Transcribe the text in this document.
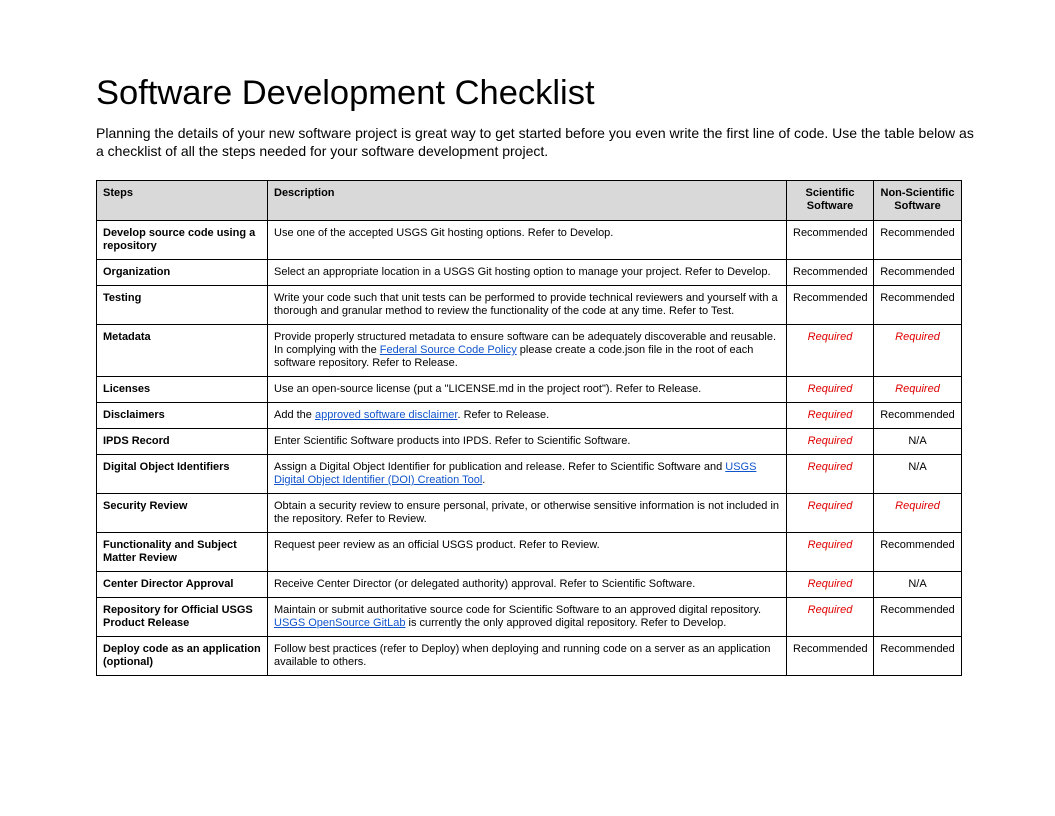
Software Development Checklist

Planning the details of your new software project is great way to get started before you even write the first line of code. Use the table below as a checklist of all the steps needed for your software development project.

Steps	Description	Scientific Software	Non-Scientific Software
Develop source code using a repository	Use one of the accepted USGS Git hosting options. Refer to Develop.	Recommended	Recommended
Organization	Select an appropriate location in a USGS Git hosting option to manage your project. Refer to Develop.	Recommended	Recommended
Testing	Write your code such that unit tests can be performed to provide technical reviewers and yourself with a thorough and granular method to review the functionality of the code at any time. Refer to Test.	Recommended	Recommended
Metadata	Provide properly structured metadata to ensure software can be adequately discoverable and reusable. In complying with the Federal Source Code Policy please create a code.json file in the root of each software repository. Refer to Release.	Required	Required
Licenses	Use an open-source license (put a "LICENSE.md in the project root"). Refer to Release.	Required	Required
Disclaimers	Add the approved software disclaimer. Refer to Release.	Required	Recommended
IPDS Record	Enter Scientific Software products into IPDS. Refer to Scientific Software.	Required	N/A
Digital Object Identifiers	Assign a Digital Object Identifier for publication and release. Refer to Scientific Software and USGS Digital Object Identifier (DOI) Creation Tool.	Required	N/A
Security Review	Obtain a security review to ensure personal, private, or otherwise sensitive information is not included in the repository. Refer to Review.	Required	Required
Functionality and Subject Matter Review	Request peer review as an official USGS product. Refer to Review.	Required	Recommended
Center Director Approval	Receive Center Director (or delegated authority) approval. Refer to Scientific Software.	Required	N/A
Repository for Official USGS Product Release	Maintain or submit authoritative source code for Scientific Software to an approved digital repository. USGS OpenSource GitLab is currently the only approved digital repository. Refer to Develop.	Required	Recommended
Deploy code as an application (optional)	Follow best practices (refer to Deploy) when deploying and running code on a server as an application available to others.	Recommended	Recommended
